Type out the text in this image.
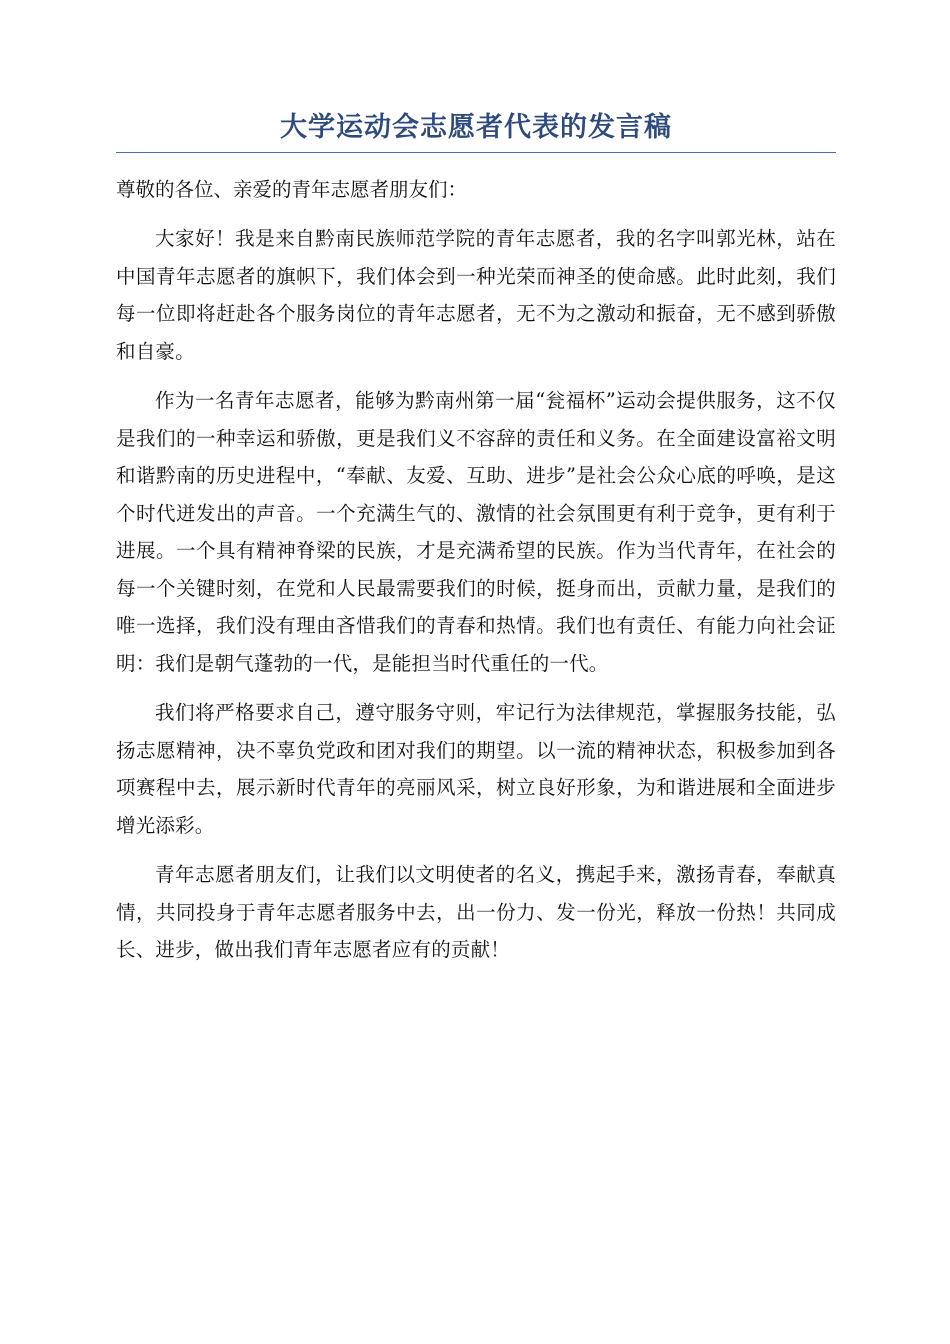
大学运动会志愿者代表的发言稿

尊敬的各位、亲爱的青年志愿者朋友们：

大家好！我是来自黔南民族师范学院的青年志愿者，我的名字叫郭光林，站在中国青年志愿者的旗帜下，我们体会到一种光荣而神圣的使命感。此时此刻，我们每一位即将赶赴各个服务岗位的青年志愿者，无不为之激动和振奋，无不感到骄傲和自豪。

作为一名青年志愿者，能够为黔南州第一届“瓮福杯”运动会提供服务，这不仅是我们的一种幸运和骄傲，更是我们义不容辞的责任和义务。在全面建设富裕文明和谐黔南的历史进程中，“奉献、友爱、互助、进步”是社会公众心底的呼唤，是这个时代迸发出的声音。一个充满生气的、激情的社会氛围更有利于竞争，更有利于进展。一个具有精神脊梁的民族，才是充满希望的民族。作为当代青年，在社会的每一个关键时刻，在党和人民最需要我们的时候，挺身而出，贡献力量，是我们的唯一选择，我们没有理由吝惜我们的青春和热情。我们也有责任、有能力向社会证明：我们是朝气蓬勃的一代，是能担当时代重任的一代。

我们将严格要求自己，遵守服务守则，牢记行为法律规范，掌握服务技能，弘扬志愿精神，决不辜负党政和团对我们的期望。以一流的精神状态，积极参加到各项赛程中去，展示新时代青年的亮丽风采，树立良好形象，为和谐进展和全面进步增光添彩。

青年志愿者朋友们，让我们以文明使者的名义，携起手来，激扬青春，奉献真情，共同投身于青年志愿者服务中去，出一份力、发一份光，释放一份热！共同成长、进步，做出我们青年志愿者应有的贡献！
